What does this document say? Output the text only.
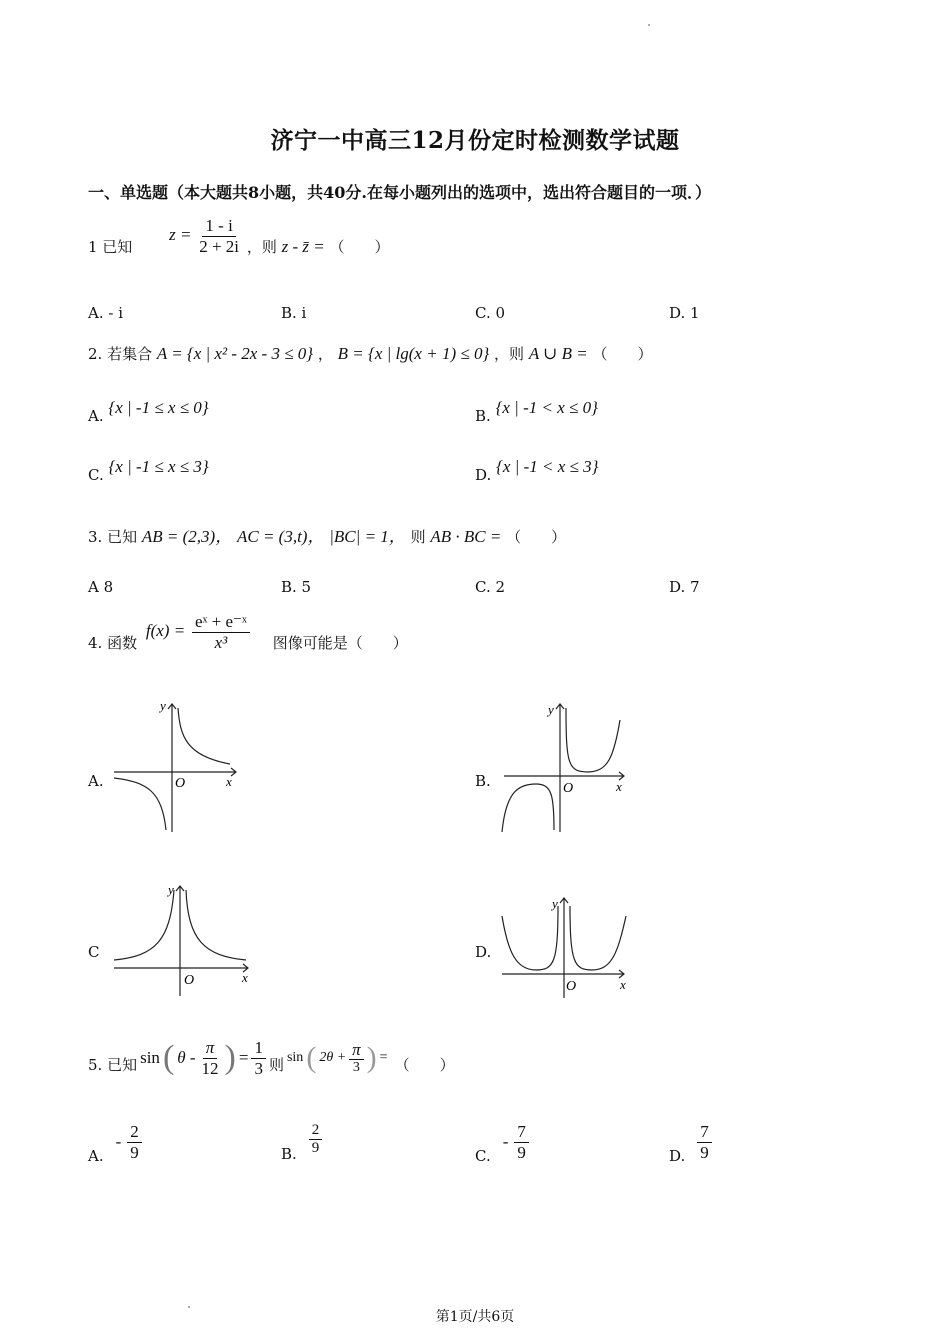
济宁一中高三12月份定时检测数学试题
一、单选题（本大题共8小题，共40分.在每小题列出的选项中，选出符合题目的一项．）
1 已知 $z = \frac{1 - i}{2 + 2i}$ ，则 z - z̄ = （　　）
A. - i	B. i	C. 0	D. 1
2. 若集合 A = {x | x² - 2x - 3 ≤ 0} ， B = {x | lg(x + 1) ≤ 0} ，则 A ∪ B = （　　）
A. {x | -1 ≤ x ≤ 0}	B. {x | -1 < x ≤ 0}
C. {x | -1 ≤ x ≤ 3}	D. {x | -1 < x ≤ 3}
3. 已知 AB = (2,3)， AC = (3,t)， |BC| = 1， 则 AB · BC = （　　）
A 8	B. 5	C. 2	D. 7
4. 函数 $f(x) = \frac{\text{eˣ + e⁻ˣ}}{\text{x³}}$ 图像可能是（　　）
A.
y
x
O	B.
y
x
O
C
y
x
O
D.
y
x
O
5. 已知 sin ( θ - $\frac{\pi}{12}$ ) = $\frac{1}{3}$ 则 sin ( $2\theta + \frac{\pi}{3}$ ) = （　　）
A.
- $\frac{2}{9}$	B. $\frac{2}{9}$	C.
- $\frac{7}{9}$	D. $\frac{7}{9}$
第1页/共6页
